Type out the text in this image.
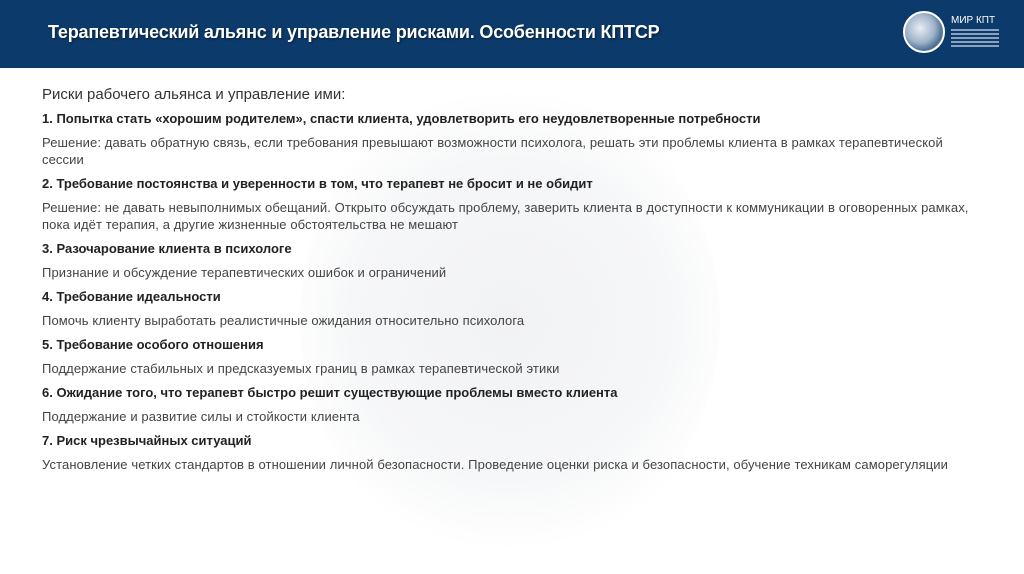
Терапевтический альянс и управление рисками. Особенности КПТСР
МИР КПТ
Риски рабочего альянса и управление ими:
1. Попытка стать «хорошим родителем», спасти клиента, удовлетворить его неудовлетворенные потребности
Решение: давать обратную связь, если требования превышают возможности психолога, решать эти проблемы клиента в рамках терапевтической сессии
2. Требование постоянства и уверенности в том, что терапевт не бросит и не обидит
Решение: не давать невыполнимых обещаний. Открыто обсуждать проблему, заверить клиента в доступности к коммуникации в оговоренных рамках, пока идёт терапия, а другие жизненные обстоятельства не мешают
3. Разочарование клиента в психологе
Признание и обсуждение терапевтических ошибок и ограничений
4. Требование идеальности
Помочь клиенту выработать реалистичные ожидания относительно психолога
5. Требование особого отношения
Поддержание стабильных и предсказуемых границ в рамках терапевтической этики
6. Ожидание того, что терапевт быстро решит существующие проблемы вместо клиента
Поддержание и развитие силы и стойкости клиента
7. Риск чрезвычайных ситуаций
Установление четких стандартов в отношении личной безопасности. Проведение оценки риска и безопасности, обучение техникам саморегуляции
